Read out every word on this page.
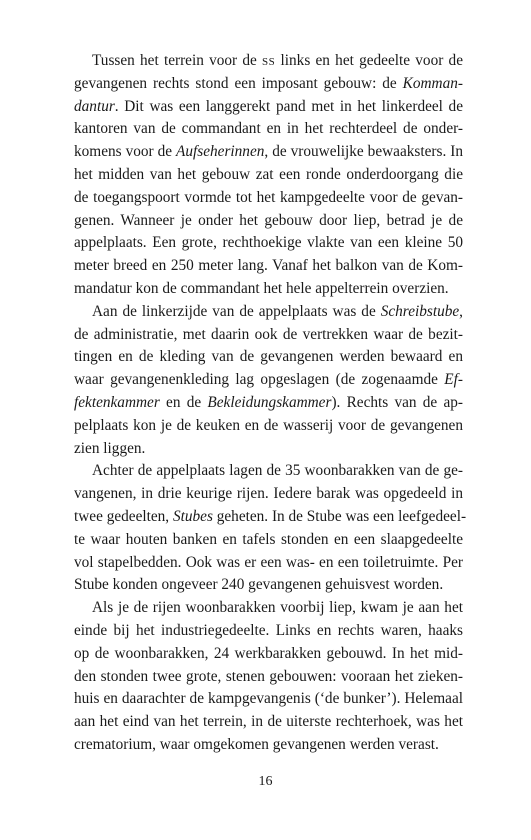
Tussen het terrein voor de ss links en het gedeelte voor de
gevangenen rechts stond een imposant gebouw: de Komman-
dantur. Dit was een langgerekt pand met in het linkerdeel de
kantoren van de commandant en in het rechterdeel de onder-
komens voor de Aufseherinnen, de vrouwelijke bewaaksters. In
het midden van het gebouw zat een ronde onderdoorgang die
de toegangspoort vormde tot het kampgedeelte voor de gevan-
genen. Wanneer je onder het gebouw door liep, betrad je de
appelplaats. Een grote, rechthoekige vlakte van een kleine 50
meter breed en 250 meter lang. Vanaf het balkon van de Kom-
mandatur kon de commandant het hele appelterrein overzien.
Aan de linkerzijde van de appelplaats was de Schreibstube,
de administratie, met daarin ook de vertrekken waar de bezit-
tingen en de kleding van de gevangenen werden bewaard en
waar gevangenenkleding lag opgeslagen (de zogenaamde Ef-
fektenkammer en de Bekleidungskammer). Rechts van de ap-
pelplaats kon je de keuken en de wasserij voor de gevangenen
zien liggen.
Achter de appelplaats lagen de 35 woonbarakken van de ge-
vangenen, in drie keurige rijen. Iedere barak was opgedeeld in
twee gedeelten, Stubes geheten. In de Stube was een leefgedeel-
te waar houten banken en tafels stonden en een slaapgedeelte
vol stapelbedden. Ook was er een was- en een toiletruimte. Per
Stube konden ongeveer 240 gevangenen gehuisvest worden.
Als je de rijen woonbarakken voorbij liep, kwam je aan het
einde bij het industriegedeelte. Links en rechts waren, haaks
op de woonbarakken, 24 werkbarakken gebouwd. In het mid-
den stonden twee grote, stenen gebouwen: vooraan het zieken-
huis en daarachter de kampgevangenis (‘de bunker’). Helemaal
aan het eind van het terrein, in de uiterste rechterhoek, was het
crematorium, waar omgekomen gevangenen werden verast.
16
